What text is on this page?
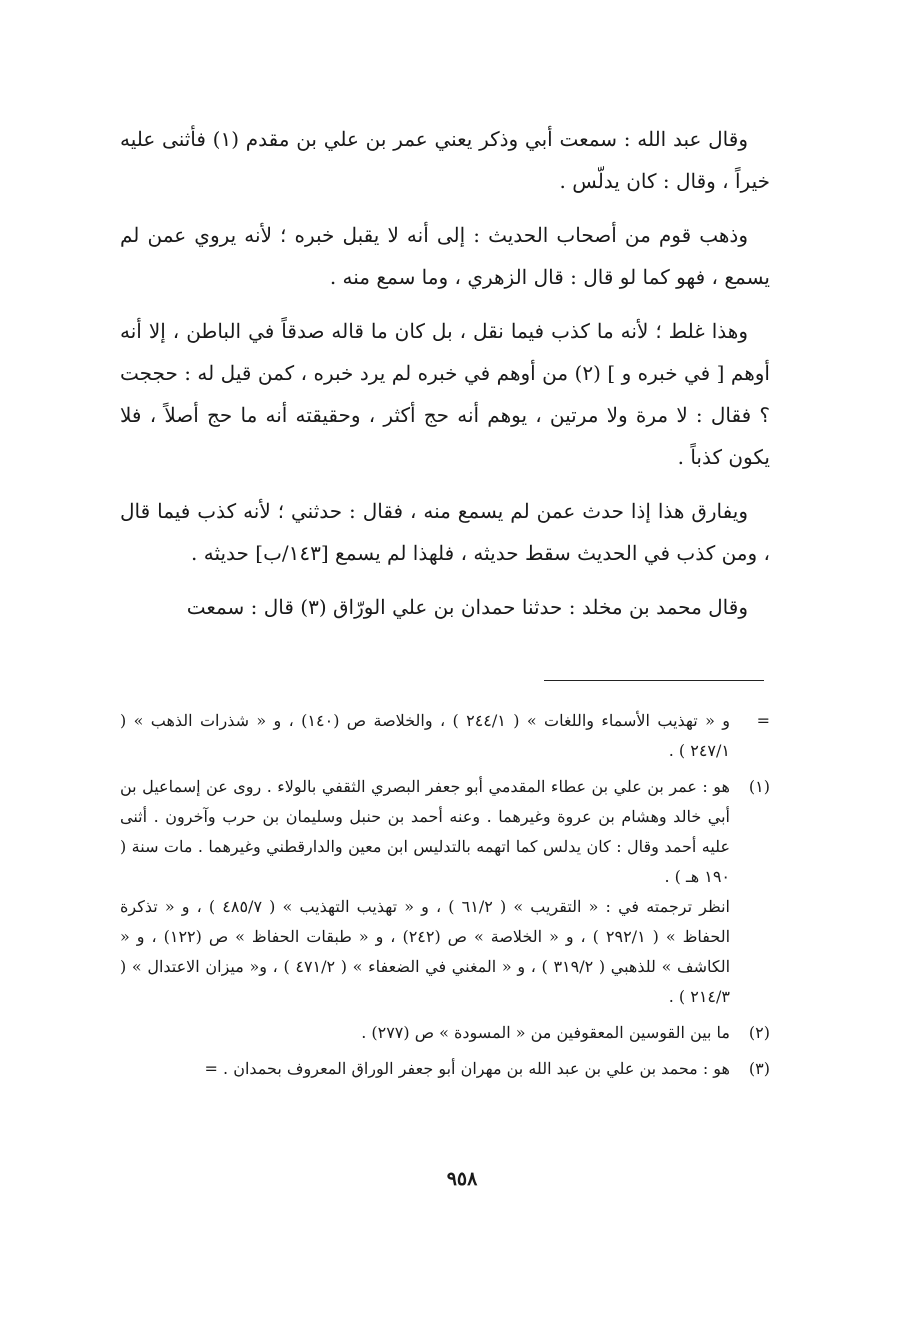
وقال عبد الله : سمعت أبي وذكر يعني عمر بن علي بن مقدم (١) فأثنى عليه خيراً ، وقال : كان يدلّس .

وذهب قوم من أصحاب الحديث : إلى أنه لا يقبل خبره ؛ لأنه يروي عمن لم يسمع ، فهو كما لو قال : قال الزهري ، وما سمع منه .

وهذا غلط ؛ لأنه ما كذب فيما نقل ، بل كان ما قاله صدقاً في الباطن ، إلا أنه أوهم [ في خبره و ] (٢) من أوهم في خبره لم يرد خبره ، كمن قيل له : حججت ؟ فقال : لا مرة ولا مرتين ، يوهم أنه حج أكثر ، وحقيقته أنه ما حج أصلاً ، فلا يكون كذباً .

ويفارق هذا إذا حدث عمن لم يسمع منه ، فقال : حدثني ؛ لأنه كذب فيما قال ، ومن كذب في الحديث سقط حديثه ، فلهذا لم يسمع [١٤٣/ب] حديثه .

وقال محمد بن مخلد : حدثنا حمدان بن علي الورّاق (٣) قال : سمعت

=
و « تهذيب الأسماء واللغات » ( ٢٤٤/١ ) ، والخلاصة ص (١٤٠) ، و « شذرات الذهب » ( ٢٤٧/١ ) .
(١)
هو : عمر بن علي بن عطاء المقدمي أبو جعفر البصري الثقفي بالولاء . روى عن إسماعيل بن أبي خالد وهشام بن عروة وغيرهما . وعنه أحمد بن حنبل وسليمان بن حرب وآخرون . أثنى عليه أحمد وقال : كان يدلس كما اتهمه بالتدليس ابن معين والدارقطني وغيرهما . مات سنة ( ١٩٠ هـ ) .
انظر ترجمته في : « التقريب » ( ٦١/٢ ) ، و « تهذيب التهذيب » ( ٤٨٥/٧ ) ، و « تذكرة الحفاظ » ( ٢٩٢/١ ) ، و « الخلاصة » ص (٢٤٢) ، و « طبقات الحفاظ » ص (١٢٢) ، و « الكاشف » للذهبي ( ٣١٩/٢ ) ، و « المغني في الضعفاء » ( ٤٧١/٢ ) ، و« ميزان الاعتدال » ( ٢١٤/٣ ) .
(٢)
ما بين القوسين المعقوفين من « المسودة » ص (٢٧٧) .
(٣)
هو : محمد بن علي بن عبد الله بن مهران أبو جعفر الوراق المعروف بحمدان . =
٩٥٨
